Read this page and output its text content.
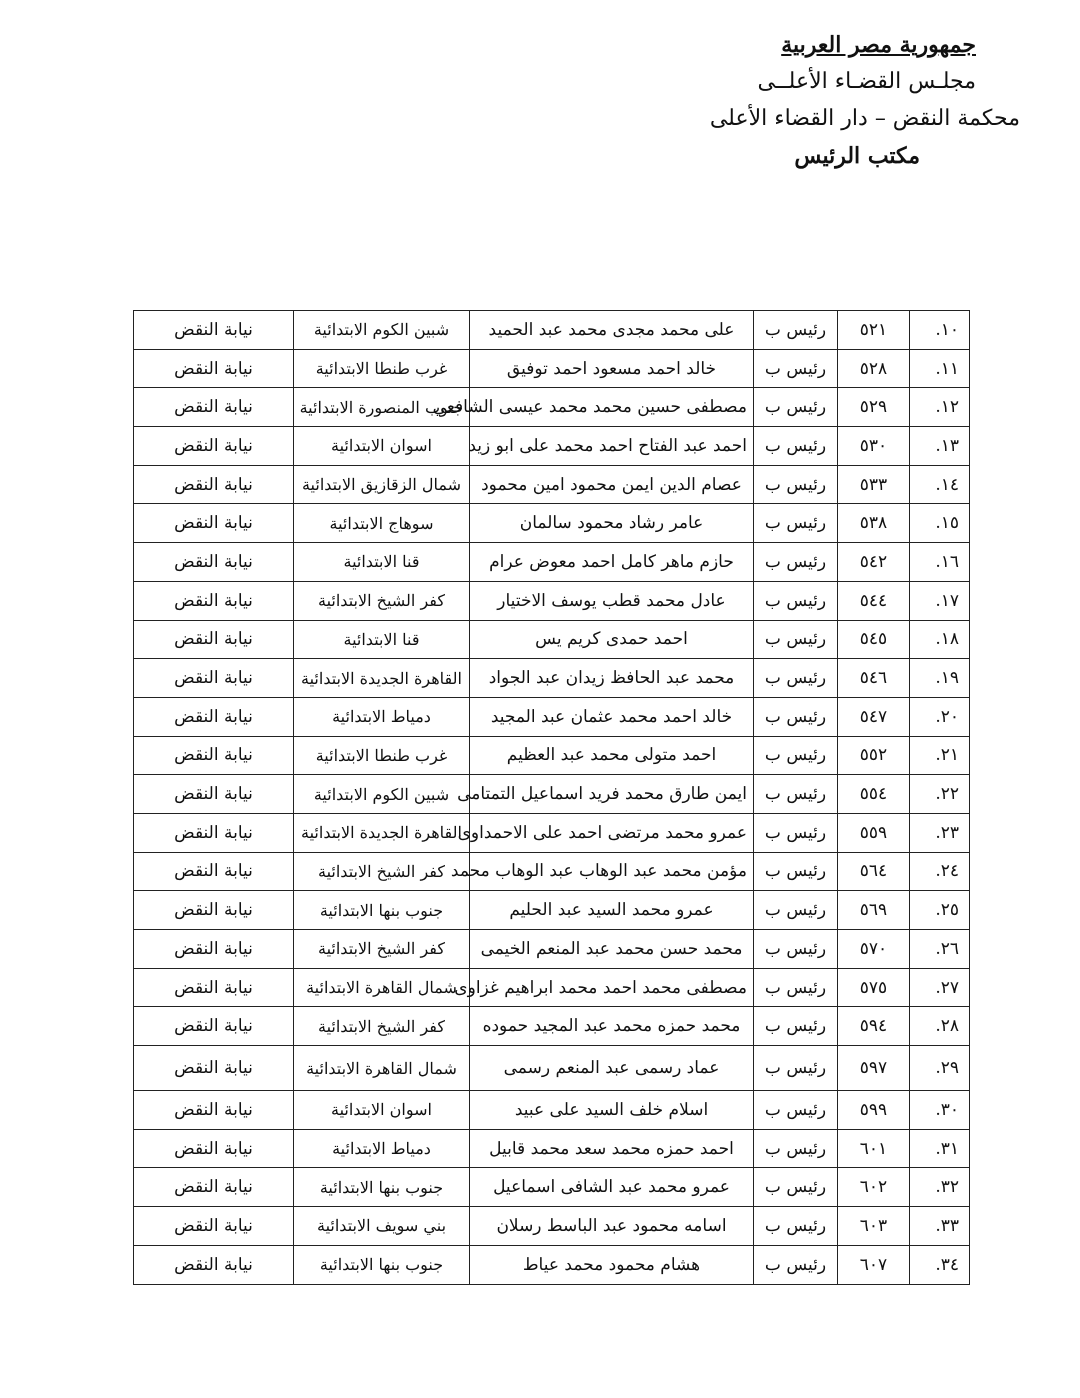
جمهورية مصر العربية
مجلـس القضـاء الأعلــى
محكمة النقض – دار القضاء الأعلى
مكتب الرئيس
١٠.	٥٢١	رئيس ب	على محمد مجدى محمد عبد الحميد	شبين الكوم الابتدائية	نيابة النقض
١١.	٥٢٨	رئيس ب	خالد احمد مسعود احمد توفيق	غرب طنطا الابتدائية	نيابة النقض
١٢.	٥٢٩	رئيس ب	مصطفى حسين محمد محمد عيسى الشافعي	جنوب المنصورة الابتدائية	نيابة النقض
١٣.	٥٣٠	رئيس ب	احمد عبد الفتاح احمد محمد على ابو زيد	اسوان الابتدائية	نيابة النقض
١٤.	٥٣٣	رئيس ب	عصام الدين ايمن محمود امين محمود	شمال الزقازيق الابتدائية	نيابة النقض
١٥.	٥٣٨	رئيس ب	عامر رشاد محمود سالمان	سوهاج الابتدائية	نيابة النقض
١٦.	٥٤٢	رئيس ب	حازم ماهر كامل احمد معوض عرام	قنا الابتدائية	نيابة النقض
١٧.	٥٤٤	رئيس ب	عادل محمد قطب يوسف الاختيار	كفر الشيخ الابتدائية	نيابة النقض
١٨.	٥٤٥	رئيس ب	احمد حمدى كريم يس	قنا الابتدائية	نيابة النقض
١٩.	٥٤٦	رئيس ب	محمد عبد الحافظ زيدان عبد الجواد	القاهرة الجديدة الابتدائية	نيابة النقض
٢٠.	٥٤٧	رئيس ب	خالد احمد محمد عثمان عبد المجيد	دمياط الابتدائية	نيابة النقض
٢١.	٥٥٢	رئيس ب	احمد متولى محمد عبد العظيم	غرب طنطا الابتدائية	نيابة النقض
٢٢.	٥٥٤	رئيس ب	ايمن طارق محمد فريد اسماعيل التمتامى	شبين الكوم الابتدائية	نيابة النقض
٢٣.	٥٥٩	رئيس ب	عمرو محمد مرتضى احمد على الاحمداوى	القاهرة الجديدة الابتدائية	نيابة النقض
٢٤.	٥٦٤	رئيس ب	مؤمن محمد عبد الوهاب عبد الوهاب محمد	كفر الشيخ الابتدائية	نيابة النقض
٢٥.	٥٦٩	رئيس ب	عمرو محمد السيد عبد الحليم	جنوب بنها الابتدائية	نيابة النقض
٢٦.	٥٧٠	رئيس ب	محمد حسن محمد عبد المنعم الخيمى	كفر الشيخ الابتدائية	نيابة النقض
٢٧.	٥٧٥	رئيس ب	مصطفى محمد احمد محمد ابراهيم غزاوى	شمال القاهرة الابتدائية	نيابة النقض
٢٨.	٥٩٤	رئيس ب	محمد حمزه محمد عبد المجيد حموده	كفر الشيخ الابتدائية	نيابة النقض
٢٩.	٥٩٧	رئيس ب	عماد رسمى عبد المنعم رسمى	شمال القاهرة الابتدائية	نيابة النقض
٣٠.	٥٩٩	رئيس ب	اسلام خلف السيد على عبيد	اسوان الابتدائية	نيابة النقض
٣١.	٦٠١	رئيس ب	احمد حمزه محمد سعد محمد قابيل	دمياط الابتدائية	نيابة النقض
٣٢.	٦٠٢	رئيس ب	عمرو محمد عبد الشافى اسماعيل	جنوب بنها الابتدائية	نيابة النقض
٣٣.	٦٠٣	رئيس ب	اسامه محمود عبد الباسط رسلان	بني سويف الابتدائية	نيابة النقض
٣٤.	٦٠٧	رئيس ب	هشام محمود محمد عياط	جنوب بنها الابتدائية	نيابة النقض
